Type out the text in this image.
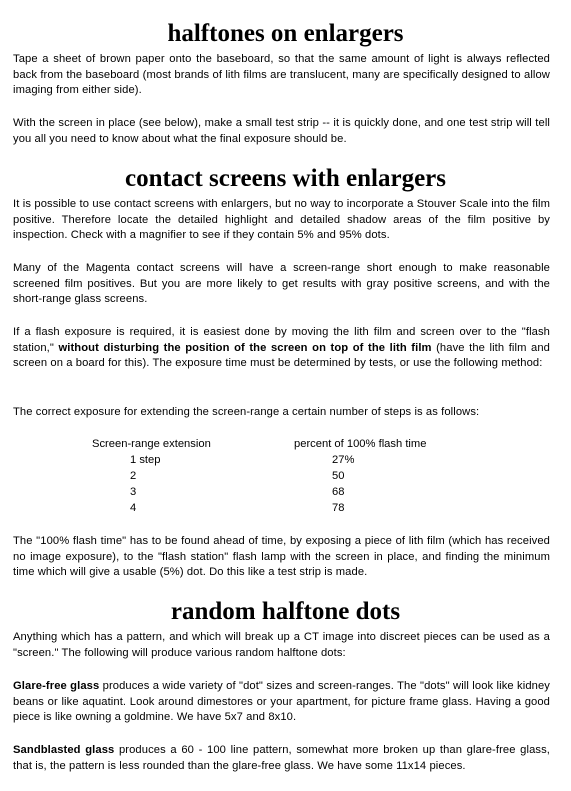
halftones on enlargers

Tape a sheet of brown paper onto the baseboard, so that the same amount of light is always reflected back from the baseboard (most brands of lith films are translucent, many are specifically designed to allow imaging from either side).

With the screen in place (see below), make a small test strip -- it is quickly done, and one test strip will tell you all you need to know about what the final exposure should be.

contact screens with enlargers

It is possible to use contact screens with enlargers, but no way to incorporate a Stouver Scale into the film positive. Therefore locate the detailed highlight and detailed shadow areas of the film positive by inspection. Check with a magnifier to see if they contain 5% and 95% dots.

Many of the Magenta contact screens will have a screen-range short enough to make reasonable screened film positives. But you are more likely to get results with gray positive screens, and with the short-range glass screens.

If a flash exposure is required, it is easiest done by moving the lith film and screen over to the "flash station," without disturbing the position of the screen on top of the lith film (have the lith film and screen on a board for this). The exposure time must be determined by tests, or use the following method:

The correct exposure for extending the screen-range a certain number of steps is as follows:

Screen-range extension	percent of 100% flash time
1 step	27%
2	50
3	68
4	78

The "100% flash time" has to be found ahead of time, by exposing a piece of lith film (which has received no image exposure), to the "flash station" flash lamp with the screen in place, and finding the minimum time which will give a usable (5%) dot. Do this like a test strip is made.

random halftone dots

Anything which has a pattern, and which will break up a CT image into discreet pieces can be used as a "screen." The following will produce various random halftone dots:

Glare-free glass produces a wide variety of "dot" sizes and screen-ranges. The "dots" will look like kidney beans or like aquatint. Look around dimestores or your apartment, for picture frame glass. Having a good piece is like owning a goldmine. We have 5x7 and 8x10.

Sandblasted glass produces a 60 - 100 line pattern, somewhat more broken up than glare-free glass, that is, the pattern is less rounded than the glare-free glass. We have some 11x14 pieces.
